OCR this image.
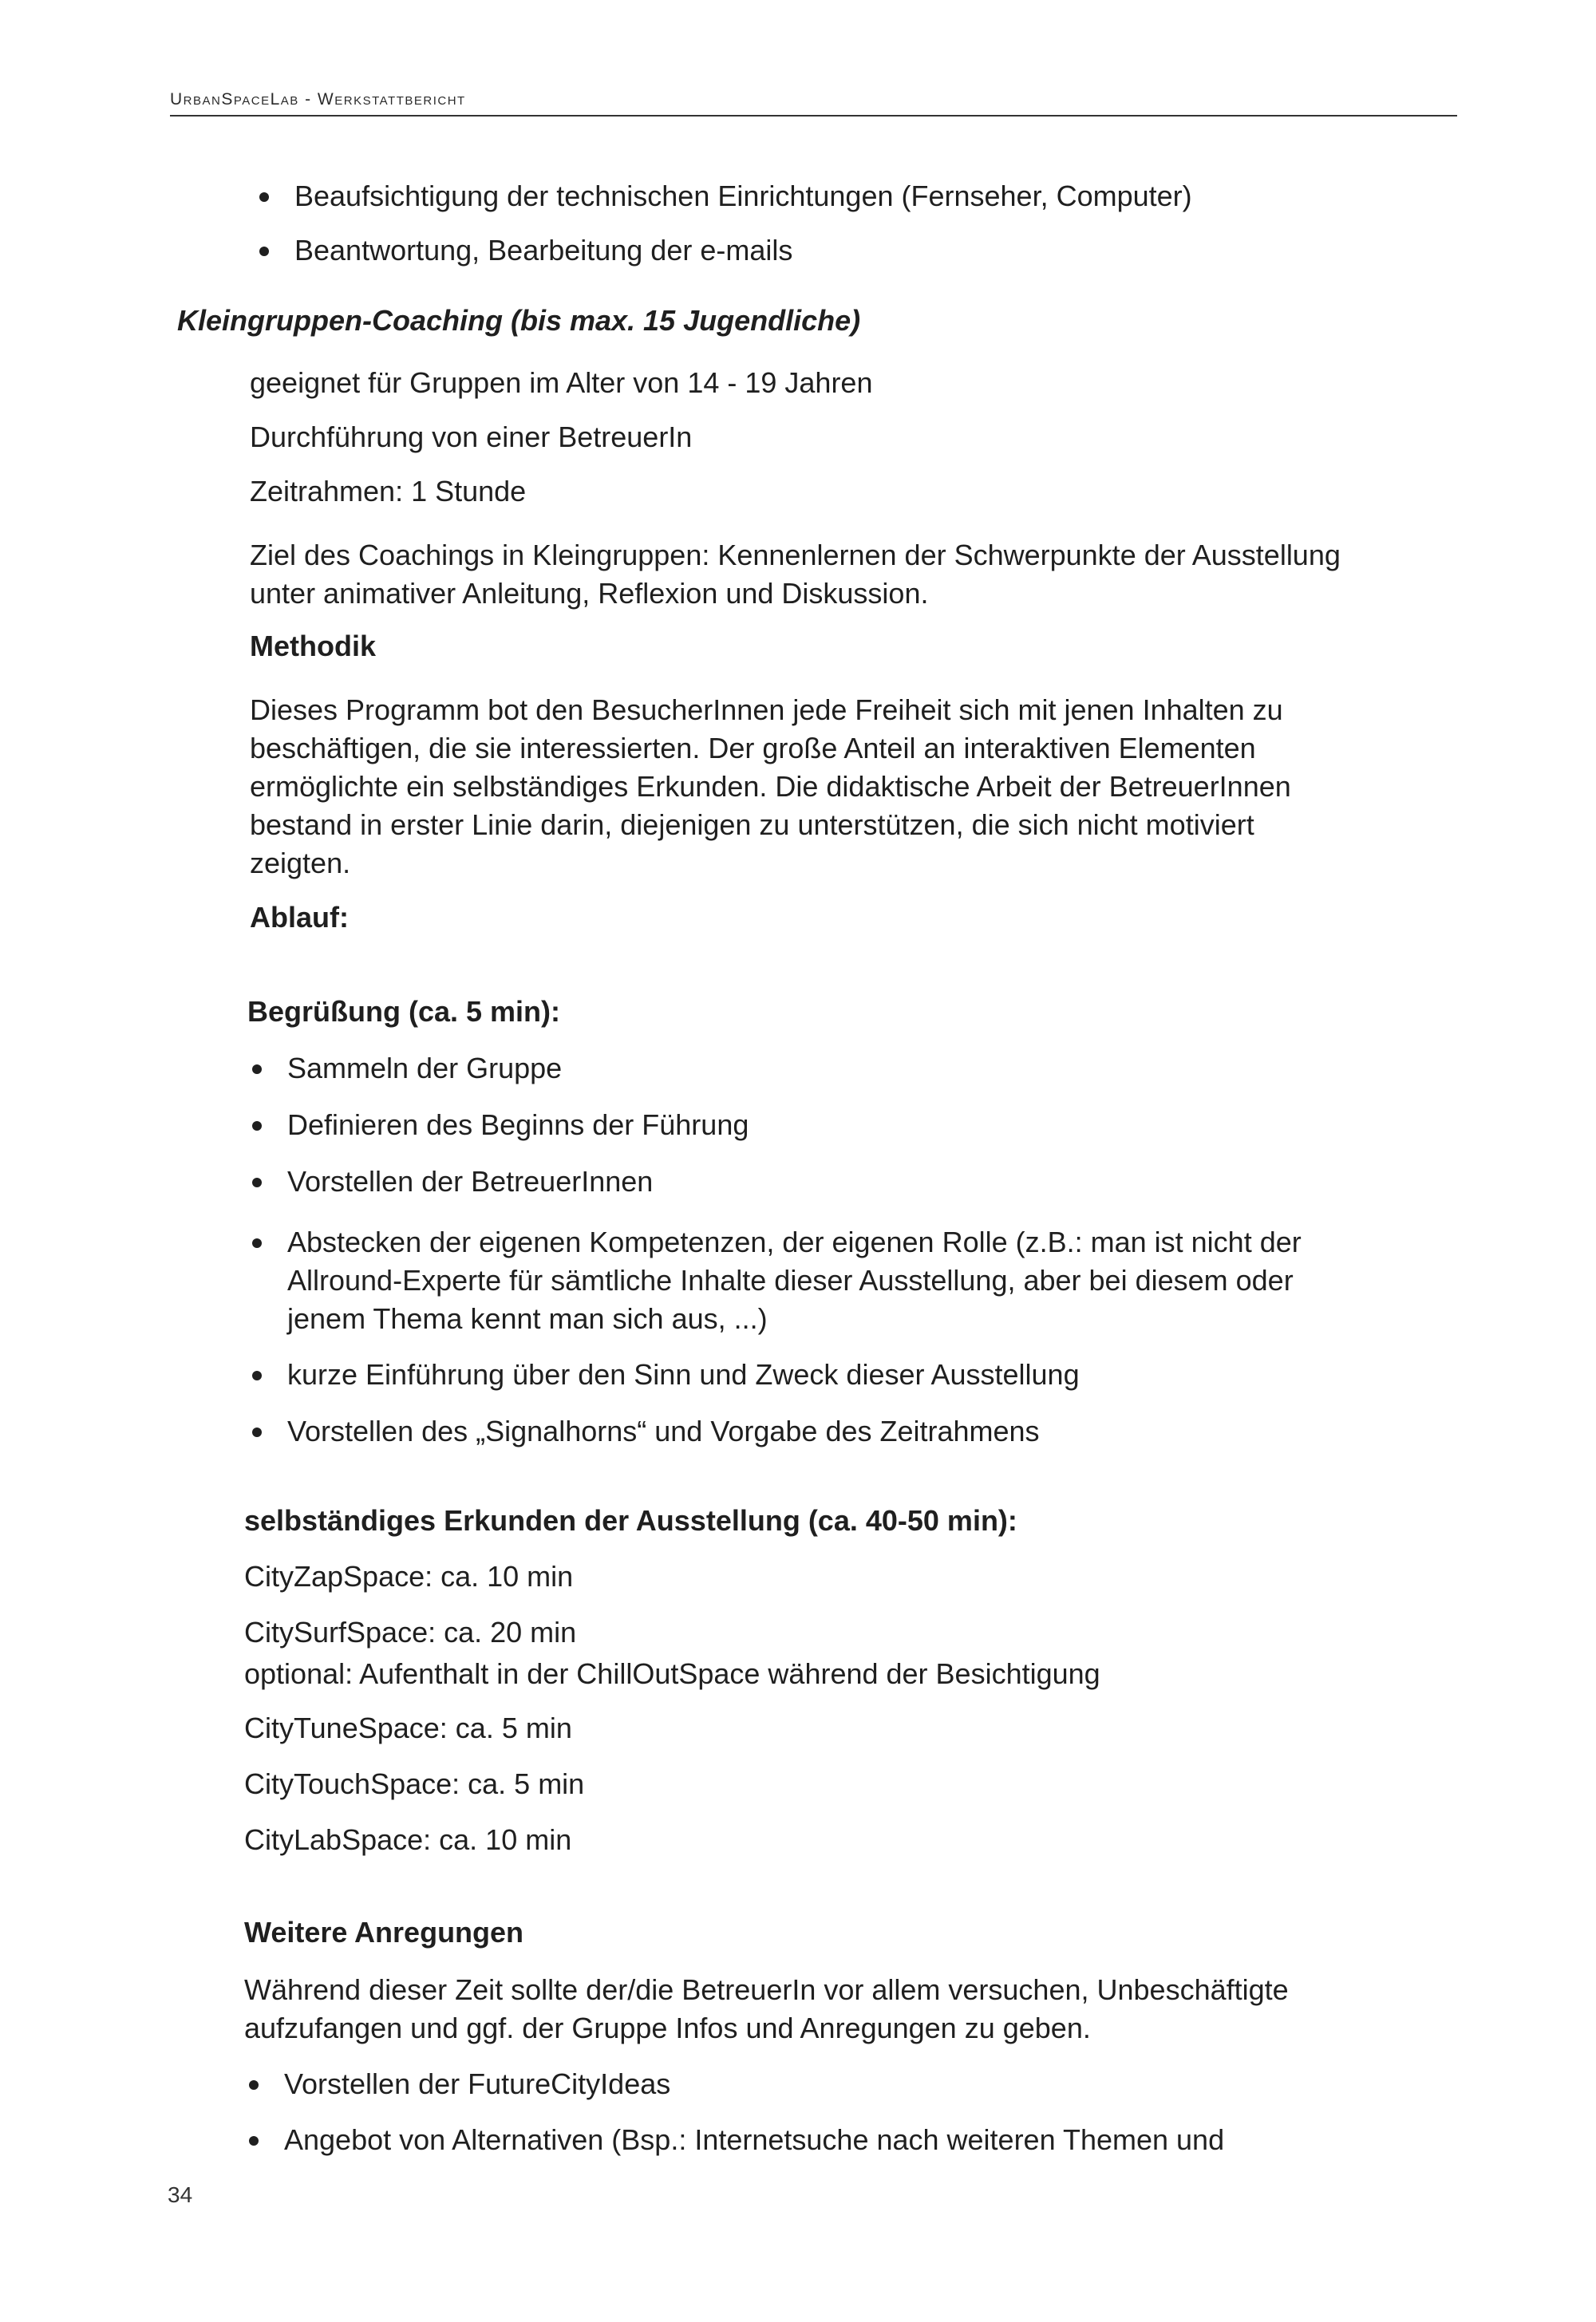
UrbanSpaceLab - Werkstattbericht
Beaufsichtigung der technischen Einrichtungen (Fernseher, Computer)
Beantwortung, Bearbeitung der e-mails
Kleingruppen-Coaching (bis max. 15 Jugendliche)
geeignet für Gruppen im Alter von 14 - 19 Jahren
Durchführung von einer BetreuerIn
Zeitrahmen: 1 Stunde
Ziel des Coachings in Kleingruppen: Kennenlernen der Schwerpunkte der Ausstellung unter animativer Anleitung, Reflexion und Diskussion.
Methodik
Dieses Programm bot den BesucherInnen jede Freiheit sich mit jenen Inhalten zu beschäftigen, die sie interessierten. Der große Anteil an interaktiven Elementen ermöglichte ein selbständiges Erkunden. Die didaktische Arbeit der BetreuerInnen bestand in erster Linie darin, diejenigen zu unterstützen, die sich nicht motiviert zeigten.
Ablauf:
Begrüßung (ca. 5 min):
Sammeln der Gruppe
Definieren des Beginns der Führung
Vorstellen der BetreuerInnen
Abstecken der eigenen Kompetenzen, der eigenen Rolle (z.B.: man ist nicht der Allround-Experte für sämtliche Inhalte dieser Ausstellung, aber bei diesem oder jenem Thema kennt man sich aus, ...)
kurze Einführung über den Sinn und Zweck dieser Ausstellung
Vorstellen des „Signalhorns“ und Vorgabe des Zeitrahmens
selbständiges Erkunden der Ausstellung (ca. 40-50 min):
CityZapSpace: ca. 10 min
CitySurfSpace: ca. 20 min
optional: Aufenthalt in der ChillOutSpace während der Besichtigung
CityTuneSpace: ca. 5 min
CityTouchSpace: ca. 5 min
CityLabSpace: ca. 10 min
Weitere Anregungen
Während dieser Zeit sollte der/die BetreuerIn vor allem versuchen, Unbeschäftigte aufzufangen und ggf. der Gruppe Infos und Anregungen zu geben.
Vorstellen der FutureCityIdeas
Angebot von Alternativen (Bsp.: Internetsuche nach weiteren Themen und
34
